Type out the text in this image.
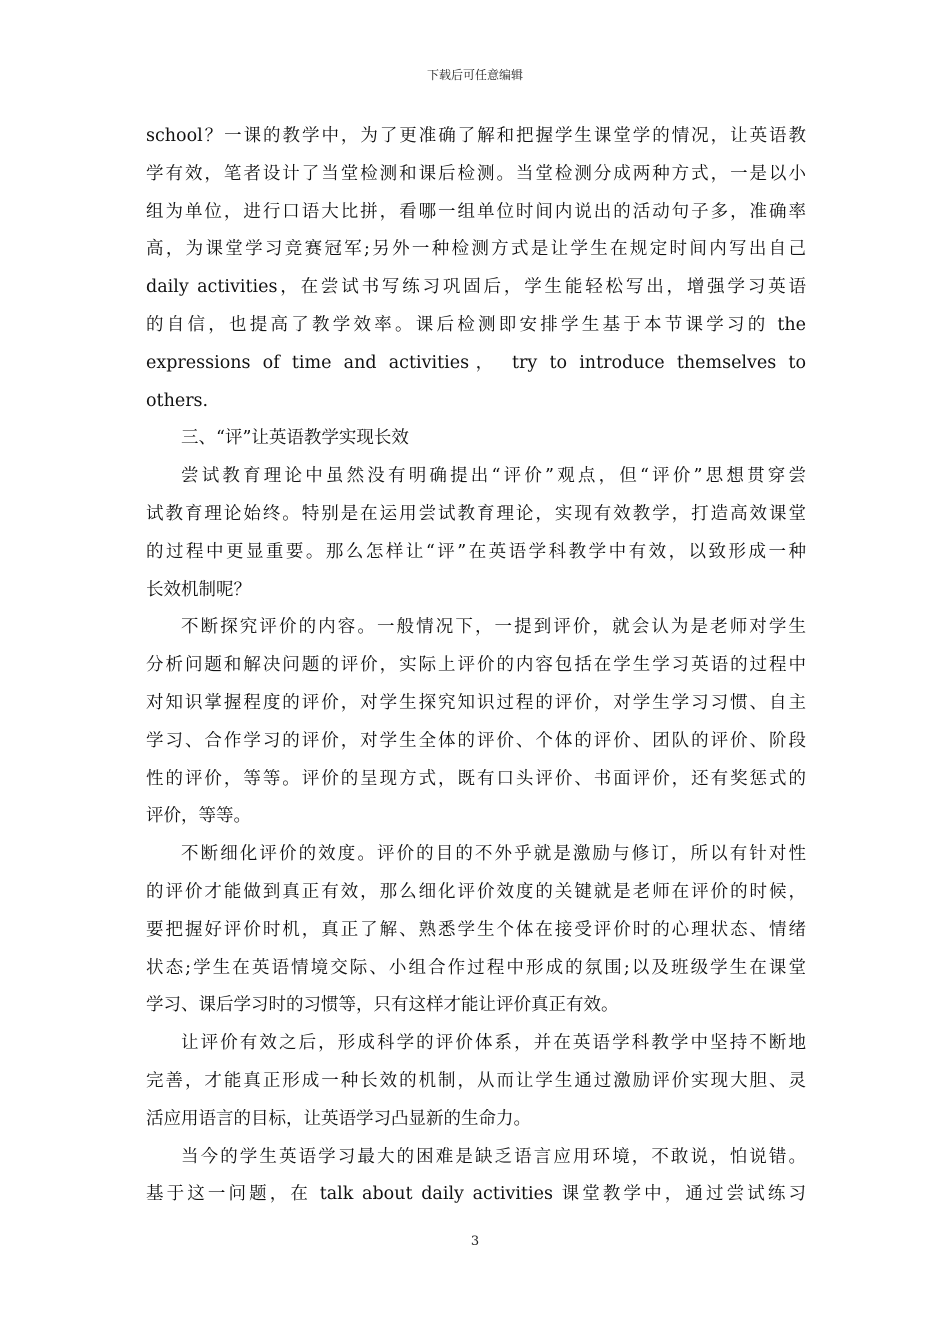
下载后可任意编辑
school？一课的教学中，为了更准确了解和把握学生课堂学的情况，让英语教
学有效，笔者设计了当堂检测和课后检测。当堂检测分成两种方式，一是以小
组为单位，进行口语大比拼，看哪一组单位时间内说出的活动句子多，准确率
高，为课堂学习竞赛冠军;另外一种检测方式是让学生在规定时间内写出自己
daily activities，在尝试书写练习巩固后，学生能轻松写出，增强学习英语
的自信，也提高了教学效率。课后检测即安排学生基于本节课学习的 the
expressions of time and activities， try to introduce themselves to
others.
三、“评”让英语教学实现长效
尝试教育理论中虽然没有明确提出“评价”观点，但“评价”思想贯穿尝
试教育理论始终。特别是在运用尝试教育理论，实现有效教学，打造高效课堂
的过程中更显重要。那么怎样让“评”在英语学科教学中有效，以致形成一种
长效机制呢？
不断探究评价的内容。一般情况下，一提到评价，就会认为是老师对学生
分析问题和解决问题的评价，实际上评价的内容包括在学生学习英语的过程中
对知识掌握程度的评价，对学生探究知识过程的评价，对学生学习习惯、自主
学习、合作学习的评价，对学生全体的评价、个体的评价、团队的评价、阶段
性的评价，等等。评价的呈现方式，既有口头评价、书面评价，还有奖惩式的
评价，等等。
不断细化评价的效度。评价的目的不外乎就是激励与修订，所以有针对性
的评价才能做到真正有效，那么细化评价效度的关键就是老师在评价的时候，
要把握好评价时机，真正了解、熟悉学生个体在接受评价时的心理状态、情绪
状态;学生在英语情境交际、小组合作过程中形成的氛围;以及班级学生在课堂
学习、课后学习时的习惯等，只有这样才能让评价真正有效。
让评价有效之后，形成科学的评价体系，并在英语学科教学中坚持不断地
完善，才能真正形成一种长效的机制，从而让学生通过激励评价实现大胆、灵
活应用语言的目标，让英语学习凸显新的生命力。
当今的学生英语学习最大的困难是缺乏语言应用环境，不敢说，怕说错。
基于这一问题，在 talk about daily activities 课堂教学中，通过尝试练习
3
